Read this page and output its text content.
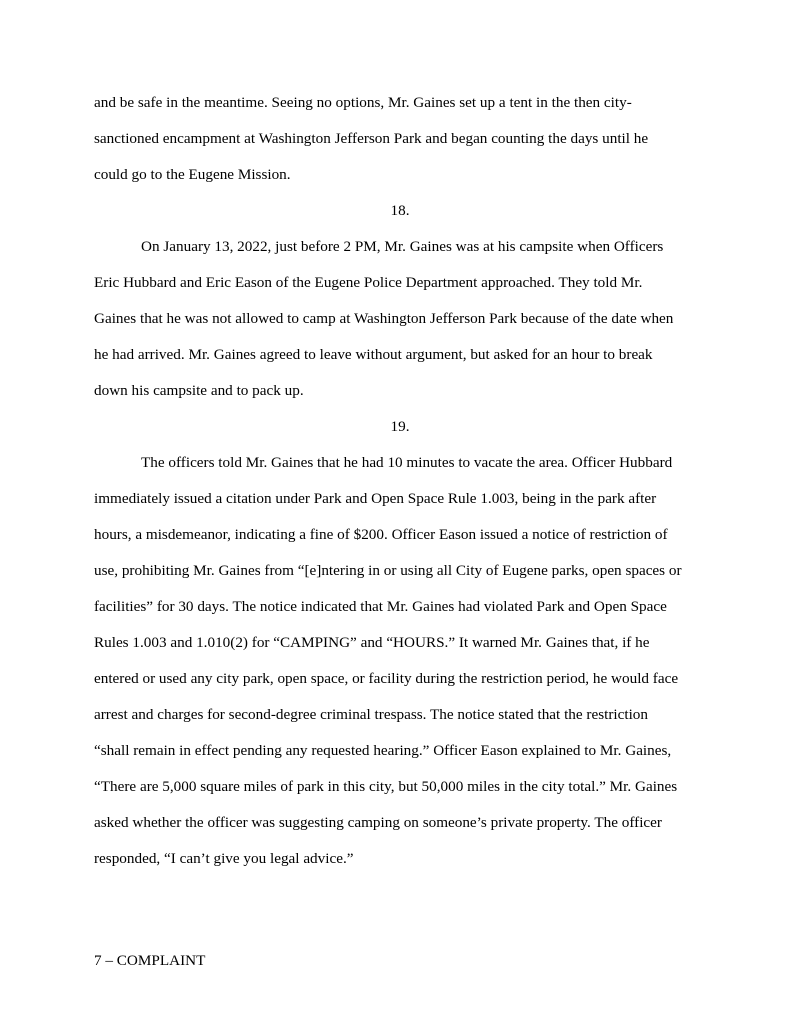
and be safe in the meantime. Seeing no options, Mr. Gaines set up a tent in the then city-
sanctioned encampment at Washington Jefferson Park and began counting the days until he
could go to the Eugene Mission.
18.
On January 13, 2022, just before 2 PM, Mr. Gaines was at his campsite when Officers
Eric Hubbard and Eric Eason of the Eugene Police Department approached. They told Mr.
Gaines that he was not allowed to camp at Washington Jefferson Park because of the date when
he had arrived. Mr. Gaines agreed to leave without argument, but asked for an hour to break
down his campsite and to pack up.
19.
The officers told Mr. Gaines that he had 10 minutes to vacate the area. Officer Hubbard
immediately issued a citation under Park and Open Space Rule 1.003, being in the park after
hours, a misdemeanor, indicating a fine of $200. Officer Eason issued a notice of restriction of
use, prohibiting Mr. Gaines from “[e]ntering in or using all City of Eugene parks, open spaces or
facilities” for 30 days. The notice indicated that Mr. Gaines had violated Park and Open Space
Rules 1.003 and 1.010(2) for “CAMPING” and “HOURS.” It warned Mr. Gaines that, if he
entered or used any city park, open space, or facility during the restriction period, he would face
arrest and charges for second-degree criminal trespass. The notice stated that the restriction
“shall remain in effect pending any requested hearing.” Officer Eason explained to Mr. Gaines,
“There are 5,000 square miles of park in this city, but 50,000 miles in the city total.” Mr. Gaines
asked whether the officer was suggesting camping on someone’s private property. The officer
responded, “I can’t give you legal advice.”
7 – COMPLAINT
